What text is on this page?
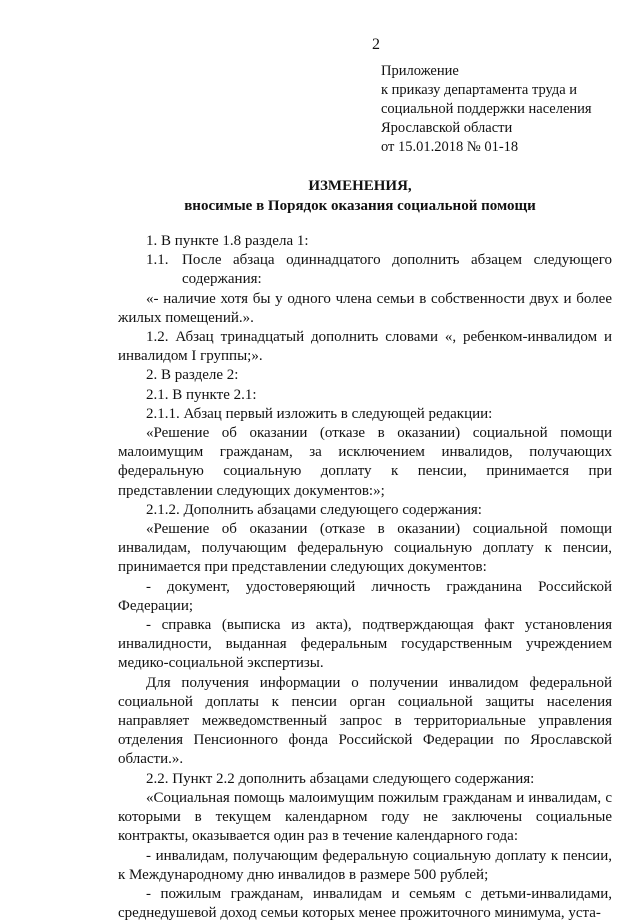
2
Приложение
к приказу департамента труда и
социальной поддержки населения
Ярославской области
от 15.01.2018 № 01-18
ИЗМЕНЕНИЯ,
вносимые в Порядок оказания социальной помощи

1. В пункте 1.8 раздела 1:

1.1. После абзаца одиннадцатого дополнить абзацем следующего содержания:

«- наличие хотя бы у одного члена семьи в собственности двух и более жилых помещений.».

1.2. Абзац тринадцатый дополнить словами «, ребенком-инвалидом и инвалидом I группы;».

2. В разделе 2:

2.1. В пункте 2.1:

2.1.1. Абзац первый изложить в следующей редакции:

«Решение об оказании (отказе в оказании) социальной помощи малоимущим гражданам, за исключением инвалидов, получающих федеральную социальную доплату к пенсии, принимается при представлении следующих документов:»;

2.1.2. Дополнить абзацами следующего содержания:

«Решение об оказании (отказе в оказании) социальной помощи инвалидам, получающим федеральную социальную доплату к пенсии, принимается при представлении следующих документов:

- документ, удостоверяющий личность гражданина Российской Федерации;

- справка (выписка из акта), подтверждающая факт установления инвалидности, выданная федеральным государственным учреждением медико-социальной экспертизы.

Для получения информации о получении инвалидом федеральной социальной доплаты к пенсии орган социальной защиты населения направляет межведомственный запрос в территориальные управления отделения Пенсионного фонда Российской Федерации по Ярославской области.».

2.2. Пункт 2.2 дополнить абзацами следующего содержания:

«Социальная помощь малоимущим пожилым гражданам и инвалидам, с которыми в текущем календарном году не заключены социальные контракты, оказывается один раз в течение календарного года:

- инвалидам, получающим федеральную социальную доплату к пенсии, к Международному дню инвалидов в размере 500 рублей;

- пожилым гражданам, инвалидам и семьям с детьми-инвалидами, среднедушевой доход семьи которых менее прожиточного минимума, уста-
